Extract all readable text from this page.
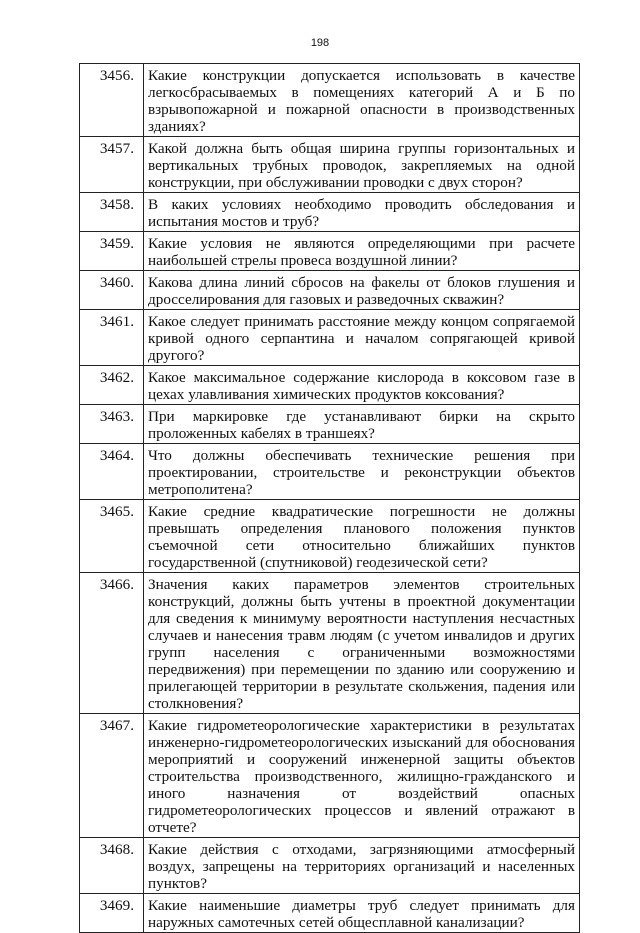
198
3456.	Какие конструкции допускается использовать в качестве легкосбрасываемых в помещениях категорий А и Б по взрывопожарной и пожарной опасности в производственных зданиях?
3457.	Какой должна быть общая ширина группы горизонтальных и вертикальных трубных проводок, закрепляемых на одной конструкции, при обслуживании проводки с двух сторон?
3458.	В каких условиях необходимо проводить обследования и испытания мостов и труб?
3459.	Какие условия не являются определяющими при расчете наибольшей стрелы провеса воздушной линии?
3460.	Какова длина линий сбросов на факелы от блоков глушения и дросселирования для газовых и разведочных скважин?
3461.	Какое следует принимать расстояние между концом сопрягаемой кривой одного серпантина и началом сопрягающей кривой другого?
3462.	Какое максимальное содержание кислорода в коксовом газе в цехах улавливания химических продуктов коксования?
3463.	При маркировке где устанавливают бирки на скрыто проложенных кабелях в траншеях?
3464.	Что должны обеспечивать технические решения при проектировании, строительстве и реконструкции объектов метрополитена?
3465.	Какие средние квадратические погрешности не должны превышать определения планового положения пунктов съемочной сети относительно ближайших пунктов государственной (спутниковой) геодезической сети?
3466.	Значения каких параметров элементов строительных конструкций, должны быть учтены в проектной документации для сведения к минимуму вероятности наступления несчастных случаев и нанесения травм людям (с учетом инвалидов и других групп населения с ограниченными возможностями передвижения) при перемещении по зданию или сооружению и прилегающей территории в результате скольжения, падения или столкновения?
3467.	Какие гидрометеорологические характеристики в результатах инженерно-гидрометеорологических изысканий для обоснования мероприятий и сооружений инженерной защиты объектов строительства производственного, жилищно-гражданского и иного назначения от воздействий опасных гидрометеорологических процессов и явлений отражают в отчете?
3468.	Какие действия с отходами, загрязняющими атмосферный воздух, запрещены на территориях организаций и населенных пунктов?
3469.	Какие наименьшие диаметры труб следует принимать для наружных самотечных сетей общесплавной канализации?
